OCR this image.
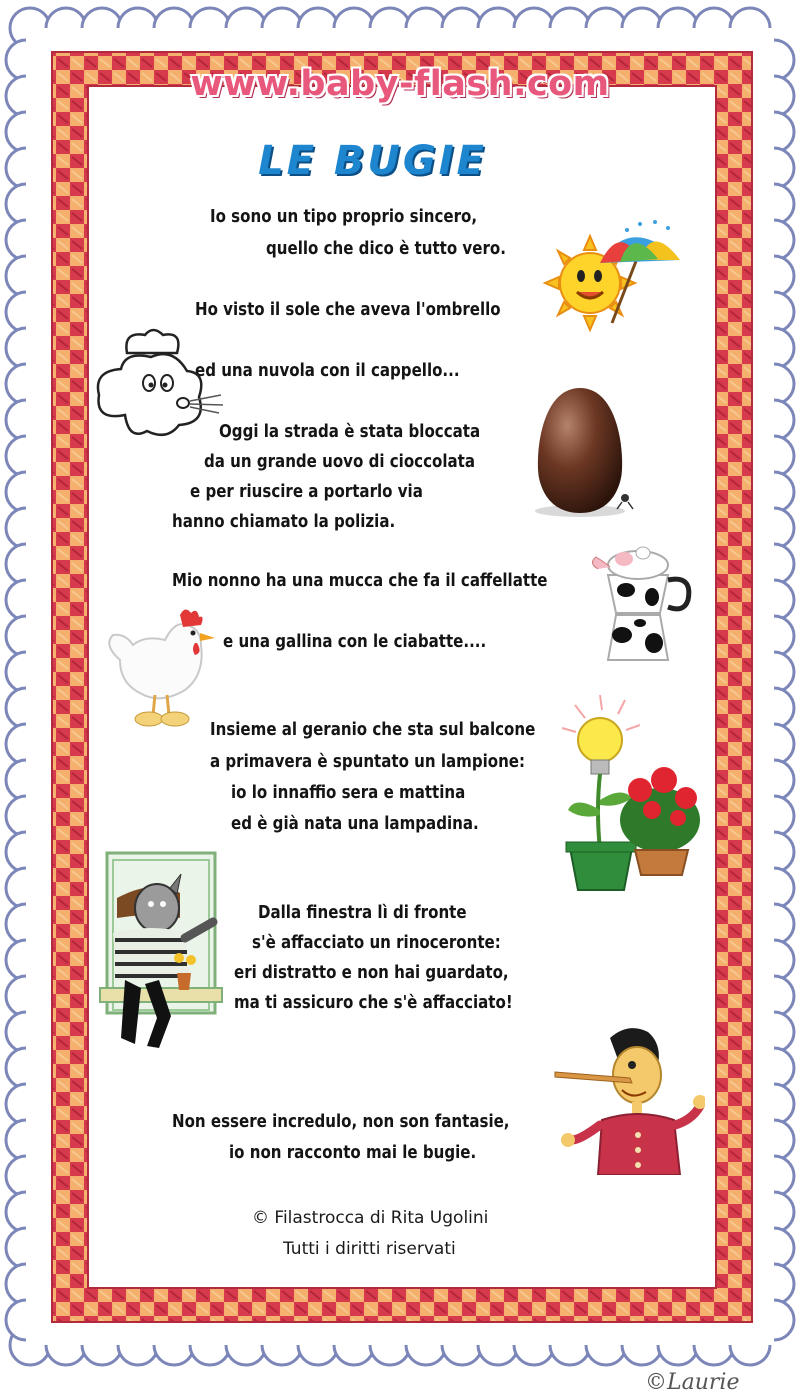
www.baby-flash.com
LE BUGIE
Io sono un tipo proprio sincero,
quello che dico è tutto vero.
Ho visto il sole che aveva l'ombrello
ed una nuvola con il cappello...
Oggi la strada è stata bloccata
da un grande uovo di cioccolata
e per riuscire a portarlo via
hanno chiamato la polizia.
Mio nonno ha una mucca che fa il caffellatte
e una gallina con le ciabatte....
Insieme al geranio che sta sul balcone
a primavera è spuntato un lampione:
io lo innaffio sera e mattina
ed è già nata una lampadina.
Dalla finestra lì di fronte
s'è affacciato un rinoceronte:
eri distratto e non hai guardato,
ma ti assicuro che s'è affacciato!
Non essere incredulo, non son fantasie,
io non racconto mai le bugie.
© Filastrocca di Rita Ugolini
Tutti i diritti riservati
©Laurie
